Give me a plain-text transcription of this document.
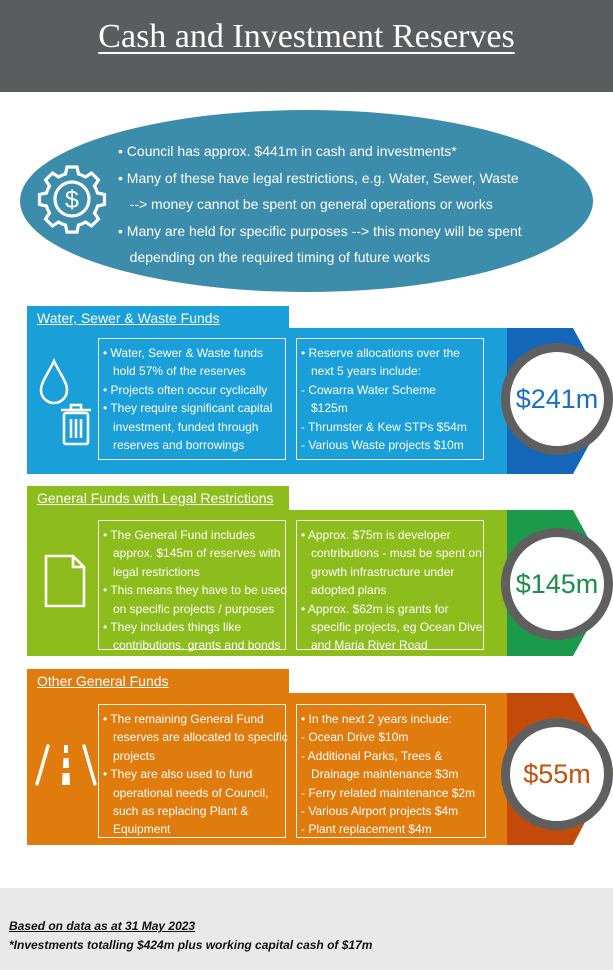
Cash and Investment Reserves
$
• Council has approx. $441m in cash and investments*
• Many of these have legal restrictions, e.g. Water, Sewer, Waste
--> money cannot be spent on general operations or works
• Many are held for specific purposes --> this money will be spent
depending on the required timing of future works
Water, Sewer & Waste Funds
• Water, Sewer & Waste funds
hold 57% of the reserves
• Projects often occur cyclically
• They require significant capital
investment, funded through
reserves and borrowings
• Reserve allocations over the
next 5 years include:
- Cowarra Water Scheme
$125m
- Thrumster & Kew STPs $54m
- Various Waste projects $10m
$241m
General Funds with Legal Restrictions
• The General Fund includes
approx. $145m of reserves with
legal restrictions
• This means they have to be used
on specific projects / purposes
• They includes things like
contributions, grants and bonds
• Approx. $75m is developer
contributions - must be spent on
growth infrastructure under
adopted plans
• Approx. $62m is grants for
specific projects, eg Ocean Dive
and Maria River Road
$145m
Other General Funds
• The remaining General Fund
reserves are allocated to specific
projects
• They are also used to fund
operational needs of Council,
such as replacing Plant &
Equipment
• In the next 2 years include:
- Ocean Drive $10m
- Additional Parks, Trees &
Drainage maintenance $3m
- Ferry related maintenance $2m
- Various Airport projects $4m
- Plant replacement $4m
$55m
Based on data as at 31 May 2023
*Investments totalling $424m plus working capital cash of $17m
